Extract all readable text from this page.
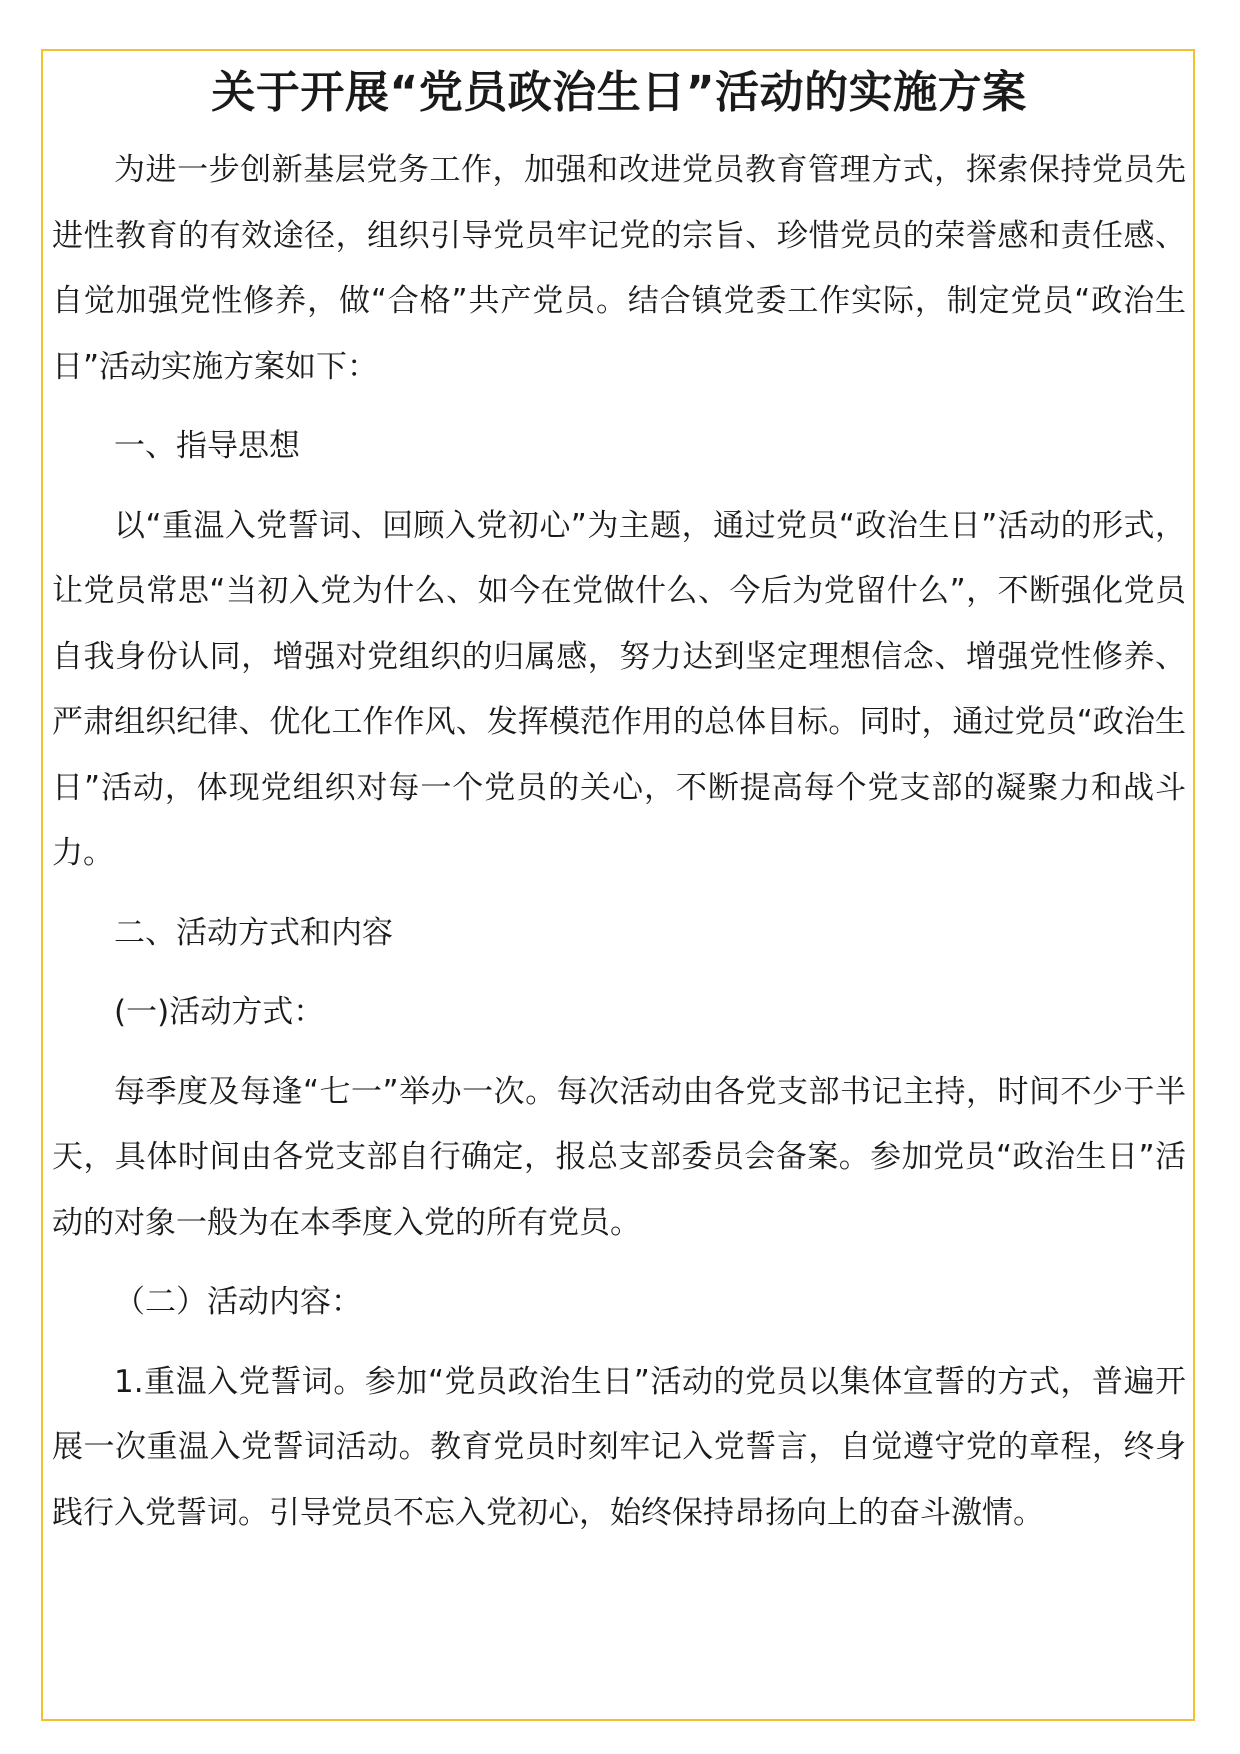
关于开展“党员政治生日”活动的实施方案

为进一步创新基层党务工作，加强和改进党员教育管理方式，探索保持党员先进性教育的有效途径，组织引导党员牢记党的宗旨、珍惜党员的荣誉感和责任感、自觉加强党性修养，做“合格”共产党员。结合镇党委工作实际，制定党员“政治生日”活动实施方案如下：

一、指导思想

以“重温入党誓词、回顾入党初心”为主题，通过党员“政治生日”活动的形式，让党员常思“当初入党为什么、如今在党做什么、今后为党留什么”，不断强化党员自我身份认同，增强对党组织的归属感，努力达到坚定理想信念、增强党性修养、严肃组织纪律、优化工作作风、发挥模范作用的总体目标。同时，通过党员“政治生日”活动，体现党组织对每一个党员的关心，不断提高每个党支部的凝聚力和战斗力。

二、活动方式和内容

(一)活动方式：

每季度及每逢“七一”举办一次。每次活动由各党支部书记主持，时间不少于半天，具体时间由各党支部自行确定，报总支部委员会备案。参加党员“政治生日”活动的对象一般为在本季度入党的所有党员。

（二）活动内容：

1.重温入党誓词。参加“党员政治生日”活动的党员以集体宣誓的方式，普遍开展一次重温入党誓词活动。教育党员时刻牢记入党誓言，自觉遵守党的章程，终身践行入党誓词。引导党员不忘入党初心，始终保持昂扬向上的奋斗激情。
